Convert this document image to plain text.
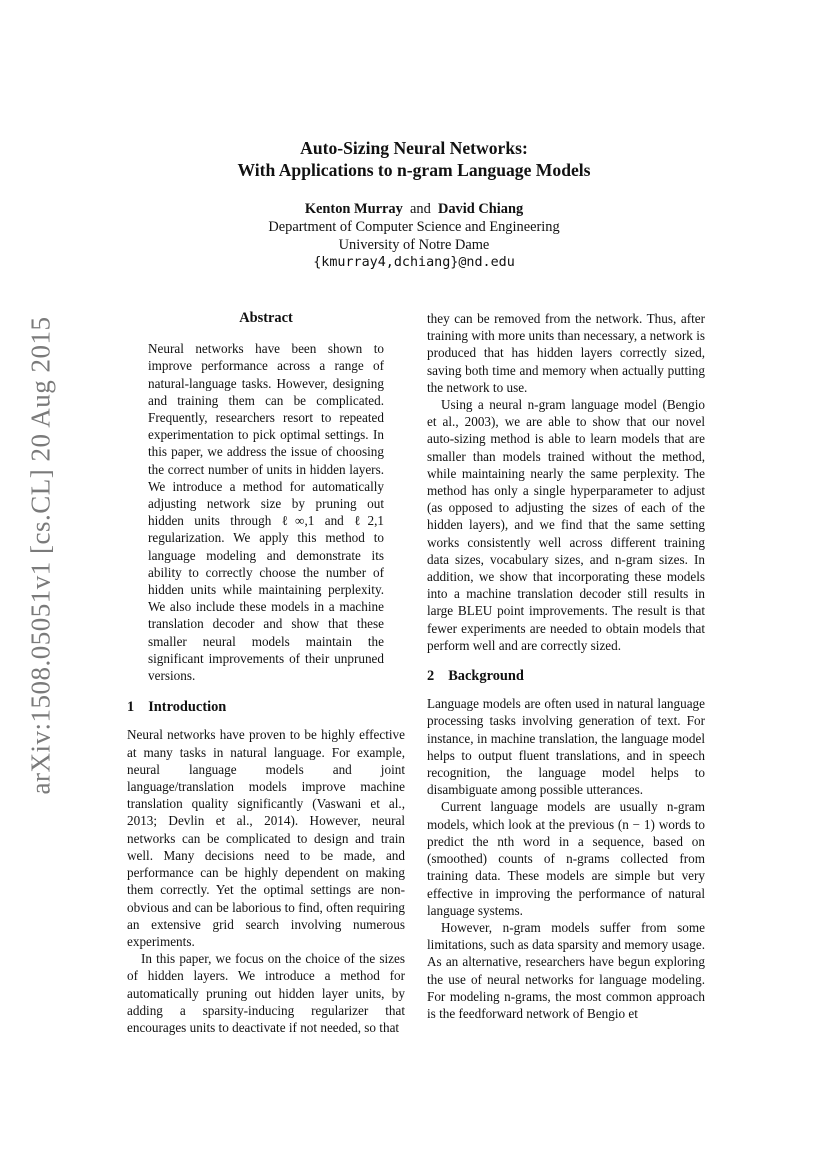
arXiv:1508.05051v1 [cs.CL] 20 Aug 2015
Auto-Sizing Neural Networks:
With Applications to n-gram Language Models
Kenton Murray and David Chiang
Department of Computer Science and Engineering
University of Notre Dame
{kmurray4,dchiang}@nd.edu
Abstract

Neural networks have been shown to improve performance across a range of natural-language tasks. However, designing and training them can be complicated. Frequently, researchers resort to repeated experimentation to pick optimal settings. In this paper, we address the issue of choosing the correct number of units in hidden layers. We introduce a method for automatically adjusting network size by pruning out hidden units through ℓ∞,1 and ℓ2,1 regularization. We apply this method to language modeling and demonstrate its ability to correctly choose the number of hidden units while maintaining perplexity. We also include these models in a machine translation decoder and show that these smaller neural models maintain the significant improvements of their unpruned versions.

1 Introduction

Neural networks have proven to be highly effective at many tasks in natural language. For example, neural language models and joint language/translation models improve machine translation quality significantly (Vaswani et al., 2013; Devlin et al., 2014). However, neural networks can be complicated to design and train well. Many decisions need to be made, and performance can be highly dependent on making them correctly. Yet the optimal settings are non-obvious and can be laborious to find, often requiring an extensive grid search involving numerous experiments.

In this paper, we focus on the choice of the sizes of hidden layers. We introduce a method for automatically pruning out hidden layer units, by adding a sparsity-inducing regularizer that encourages units to deactivate if not needed, so that

they can be removed from the network. Thus, after training with more units than necessary, a network is produced that has hidden layers correctly sized, saving both time and memory when actually putting the network to use.

Using a neural n-gram language model (Bengio et al., 2003), we are able to show that our novel auto-sizing method is able to learn models that are smaller than models trained without the method, while maintaining nearly the same perplexity. The method has only a single hyperparameter to adjust (as opposed to adjusting the sizes of each of the hidden layers), and we find that the same setting works consistently well across different training data sizes, vocabulary sizes, and n-gram sizes. In addition, we show that incorporating these models into a machine translation decoder still results in large BLEU point improvements. The result is that fewer experiments are needed to obtain models that perform well and are correctly sized.

2 Background

Language models are often used in natural language processing tasks involving generation of text. For instance, in machine translation, the language model helps to output fluent translations, and in speech recognition, the language model helps to disambiguate among possible utterances.

Current language models are usually n-gram models, which look at the previous (n − 1) words to predict the nth word in a sequence, based on (smoothed) counts of n-grams collected from training data. These models are simple but very effective in improving the performance of natural language systems.

However, n-gram models suffer from some limitations, such as data sparsity and memory usage. As an alternative, researchers have begun exploring the use of neural networks for language modeling. For modeling n-grams, the most common approach is the feedforward network of Bengio et
